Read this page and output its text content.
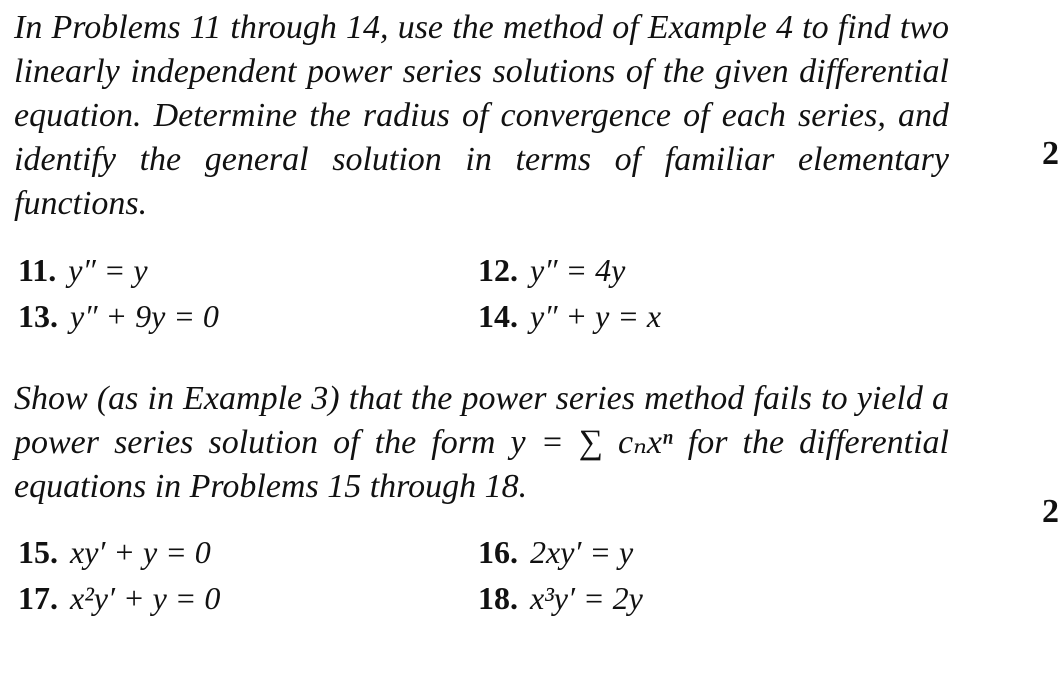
In Problems 11 through 14, use the method of Example 4 to find two linearly independent power series solutions of the given differential equation. Determine the radius of convergence of each series, and identify the general solution in terms of familiar elementary functions.

11. y″ = y	12. y″ = 4y
13. y″ + 9y = 0	14. y″ + y = x

Show (as in Example 3) that the power series method fails to yield a power series solution of the form y = ∑ cₙxⁿ for the differential equations in Problems 15 through 18.

15. xy′ + y = 0	16. 2xy′ = y
17. x²y′ + y = 0	18. x³y′ = 2y
2
2
